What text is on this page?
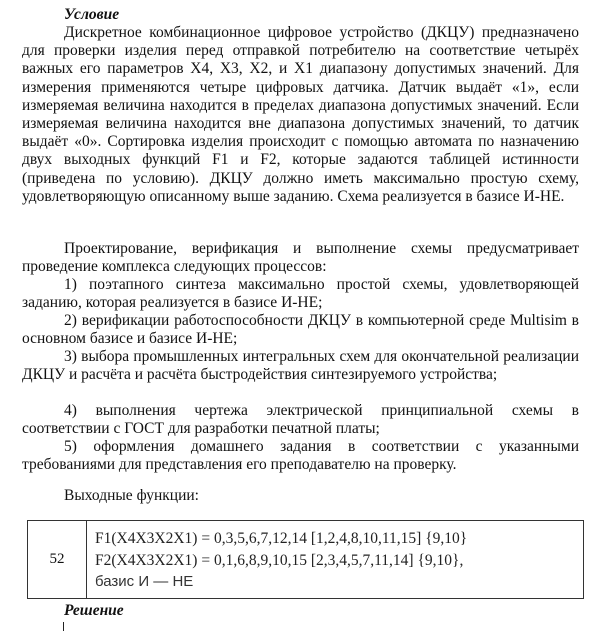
Условие

Дискретное комбинационное цифровое устройство (ДКЦУ) предназначено для проверки изделия перед отправкой потребителю на соответствие четырёх важных его параметров X4, X3, X2, и X1 диапазону допустимых значений. Для измерения применяются четыре цифровых датчика. Датчик выдаёт «1», если измеряемая величина находится в пределах диапазона допустимых значений. Если измеряемая величина находится вне диапазона допустимых значений, то датчик выдаёт «0». Сортировка изделия происходит с помощью автомата по назначению двух выходных функций F1 и F2, которые задаются таблицей истинности (приведена по условию). ДКЦУ должно иметь максимально простую схему, удовлетворяющую описанному выше заданию. Схема реализуется в базисе И-НЕ.

Проектирование, верификация и выполнение схемы предусматривает проведение комплекса следующих процессов:

1) поэтапного синтеза максимально простой схемы, удовлетворяющей заданию, которая реализуется в базисе И-НЕ;

2) верификации работоспособности ДКЦУ в компьютерной среде Multisim в основном базисе и базисе И-НЕ;

3) выбора промышленных интегральных схем для окончательной реализации ДКЦУ и расчёта и расчёта быстродействия синтезируемого устройства;

4) выполнения чертежа электрической принципиальной схемы в соответствии с ГОСТ для разработки печатной платы;

5) оформления домашнего задания в соответствии с указанными требованиями для представления его преподавателю на проверку.

Выходные функции:

52	
F1(X4X3X2X1) = 0,3,5,6,7,12,14 [1,2,4,8,10,11,15] {9,10}
F2(X4X3X2X1) = 0,1,6,8,9,10,15 [2,3,4,5,7,11,14] {9,10},
базис И — НЕ

Решение
